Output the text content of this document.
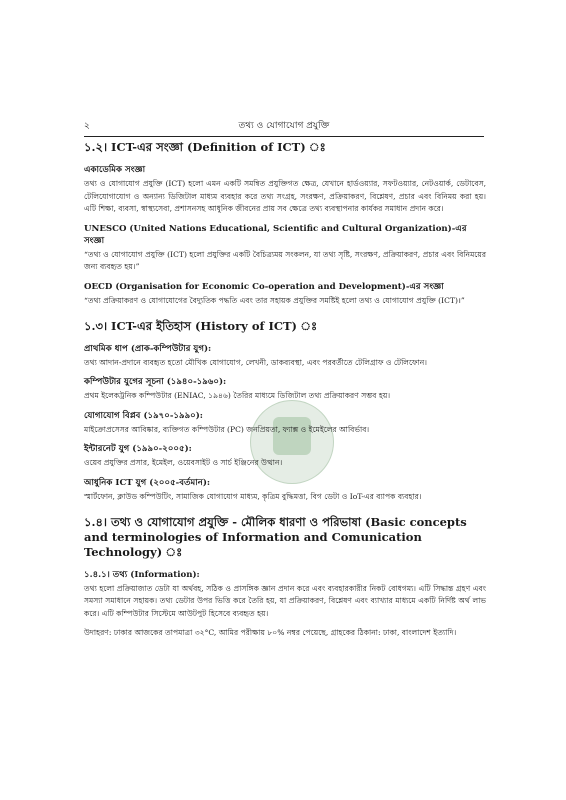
২	তথ্য ও যোগাযোগ প্রযুক্তি
১.২। ICT-এর সংজ্ঞা (Definition of ICT) ঃ
একাডেমিক সংজ্ঞা

তথ্য ও যোগাযোগ প্রযুক্তি (ICT) হলো এমন একটি সমন্বিত প্রযুক্তিগত ক্ষেত্র, যেখানে হার্ডওয়্যার, সফটওয়্যার, নেটওয়ার্ক, ডেটাবেস, টেলিযোগাযোগ ও অন্যান্য ডিজিটাল মাধ্যম ব্যবহার করে তথ্য সংগ্রহ, সংরক্ষণ, প্রক্রিয়াকরণ, বিশ্লেষণ, প্রচার এবং বিনিময় করা হয়। এটি শিক্ষা, ব্যবসা, স্বাস্থ্যসেবা, প্রশাসনসহ আধুনিক জীবনের প্রায় সব ক্ষেত্রে তথ্য ব্যবস্থাপনার কার্যকর সমাধান প্রদান করে।

UNESCO (United Nations Educational, Scientific and Cultural Organization)-এর সংজ্ঞা

“তথ্য ও যোগাযোগ প্রযুক্তি (ICT) হলো প্রযুক্তির একটি বৈচিত্র্যময় সংকলন, যা তথ্য সৃষ্টি, সংরক্ষণ, প্রক্রিয়াকরণ, প্রচার এবং বিনিময়ের জন্য ব্যবহৃত হয়।”

OECD (Organisation for Economic Co-operation and Development)-এর সংজ্ঞা

“তথ্য প্রক্রিয়াকরণ ও যোগাযোগের বৈদ্যুতিক পদ্ধতি এবং তার সহায়ক প্রযুক্তির সমষ্টিই হলো তথ্য ও যোগাযোগ প্রযুক্তি (ICT)।”

১.৩। ICT-এর ইতিহাস (History of ICT) ঃ
প্রাথমিক ধাপ (প্রাক-কম্পিউটার যুগ):

তথ্য আদান-প্রদানে ব্যবহৃত হতো মৌখিক যোগাযোগ, লেখনী, ডাকব্যবস্থা, এবং পরবর্তীতে টেলিগ্রাফ ও টেলিফোন।

কম্পিউটার যুগের সূচনা (১৯৪০-১৯৬০):

প্রথম ইলেকট্রনিক কম্পিউটার (ENIAC, ১৯৪৬) তৈরির মাধ্যমে ডিজিটাল তথ্য প্রক্রিয়াকরণ সম্ভব হয়।

যোগাযোগ বিপ্লব (১৯৭০-১৯৯০):

মাইক্রোপ্রসেসর আবিষ্কার, ব্যক্তিগত কম্পিউটার (PC) জনপ্রিয়তা, ফ্যাক্স ও ইমেইলের আবির্ভাব।

ইন্টারনেট যুগ (১৯৯০-২০০৫):

ওয়েব প্রযুক্তির প্রসার, ইমেইল, ওয়েবসাইট ও সার্চ ইঞ্জিনের উত্থান।

আধুনিক ICT যুগ (২০০৫-বর্তমান):

স্মার্টফোন, ক্লাউড কম্পিউটিং, সামাজিক যোগাযোগ মাধ্যম, কৃত্রিম বুদ্ধিমত্তা, বিগ ডেটা ও IoT-এর ব্যাপক ব্যবহার।

১.৪। তথ্য ও যোগাযোগ প্রযুক্তি - মৌলিক ধারণা ও পরিভাষা (Basic concepts and terminologies of Information and Comunication Technology) ঃ
১.৪.১। তথ্য (Information):

তথ্য হলো প্রক্রিয়াজাত ডেটা যা অর্থবহ, সঠিক ও প্রাসঙ্গিক জ্ঞান প্রদান করে এবং ব্যবহারকারীর নিকট বোধগম্য। এটি সিদ্ধান্ত গ্রহণ এবং সমস্যা সমাধানে সহায়ক। তথ্য ডেটার উপর ভিত্তি করে তৈরি হয়, যা প্রক্রিয়াকরণ, বিশ্লেষণ এবং ব্যাখ্যার মাধ্যমে একটি নির্দিষ্ট অর্থ লাভ করে। এটি কম্পিউটার সিস্টেমে আউটপুট হিসেবে ব্যবহৃত হয়।

উদাহরণ: ঢাকার আজকের তাপমাত্রা ৩২°C, আমির পরীক্ষায় ৮০% নম্বর পেয়েছে, গ্রাহকের ঠিকানা: ঢাকা, বাংলাদেশ ইত্যাদি।
